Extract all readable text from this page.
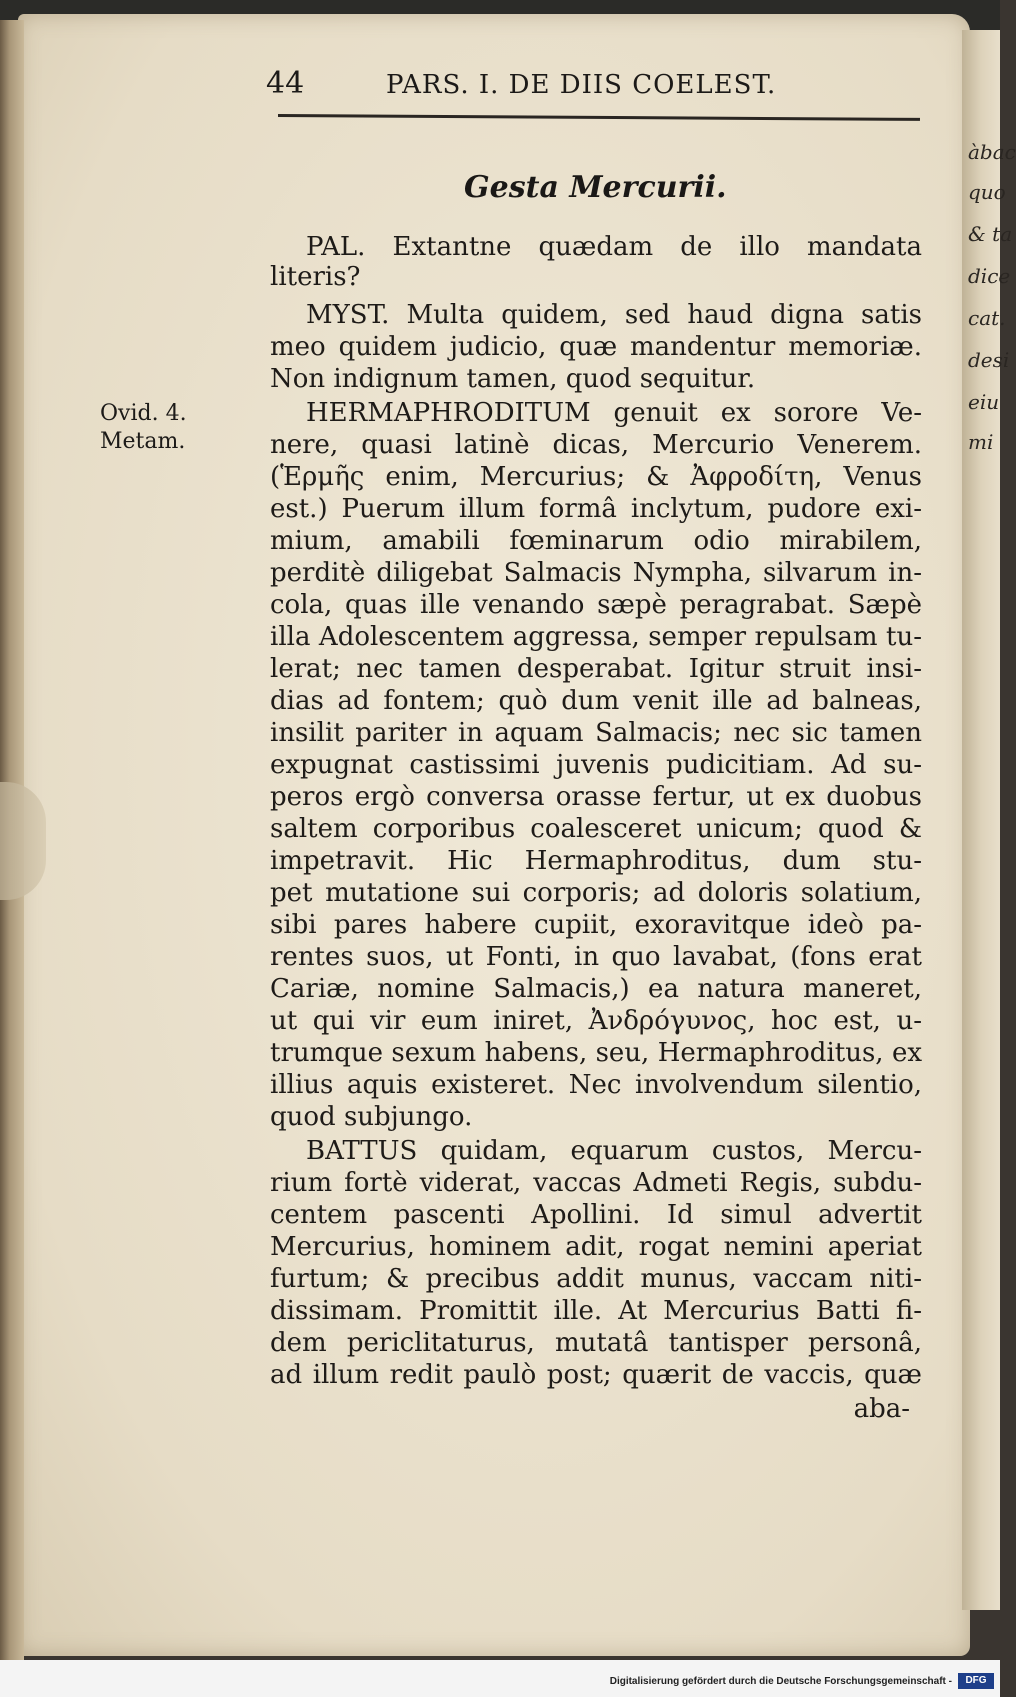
àbac
quo
& ta
dice
cat.
desi
eiu
mi
44	PARS. I. DE DIIS COELEST.
Gesta Mercurii.
Ovid. 4.
Metam.
PAL. Extantne quædam de illo mandata
literis?
MYST. Multa quidem, sed haud digna satis
meo quidem judicio, quæ mandentur memoriæ.
Non indignum tamen, quod sequitur.
HERMAPHRODITUM genuit ex sorore Ve-
nere, quasi latinè dicas, Mercurio Venerem.
(Ἑρμῆς enim, Mercurius; & Ἀφροδίτη, Venus
est.) Puerum illum formâ inclytum, pudore exi-
mium, amabili fœminarum odio mirabilem,
perditè diligebat Salmacis Nympha, silvarum in-
cola, quas ille venando sæpè peragrabat. Sæpè
illa Adolescentem aggressa, semper repulsam tu-
lerat; nec tamen desperabat. Igitur struit insi-
dias ad fontem; quò dum venit ille ad balneas,
insilit pariter in aquam Salmacis; nec sic tamen
expugnat castissimi juvenis pudicitiam. Ad su-
peros ergò conversa orasse fertur, ut ex duobus
saltem corporibus coalesceret unicum; quod &
impetravit. Hic Hermaphroditus, dum stu-
pet mutatione sui corporis; ad doloris solatium,
sibi pares habere cupiit, exoravitque ideò pa-
rentes suos, ut Fonti, in quo lavabat, (fons erat
Cariæ, nomine Salmacis,) ea natura maneret,
ut qui vir eum iniret, Ἀνδρόγυνος, hoc est, u-
trumque sexum habens, seu, Hermaphroditus, ex
illius aquis existeret. Nec involvendum silentio,
quod subjungo.
BATTUS quidam, equarum custos, Mercu-
rium fortè viderat, vaccas Admeti Regis, subdu-
centem pascenti Apollini. Id simul advertit
Mercurius, hominem adit, rogat nemini aperiat
furtum; & precibus addit munus, vaccam niti-
dissimam. Promittit ille. At Mercurius Batti fi-
dem periclitaturus, mutatâ tantisper personâ,
ad illum redit paulò post; quærit de vaccis, quæ
aba-
Digitalisierung gefördert durch die Deutsche Forschungsgemeinschaft -	DFG
